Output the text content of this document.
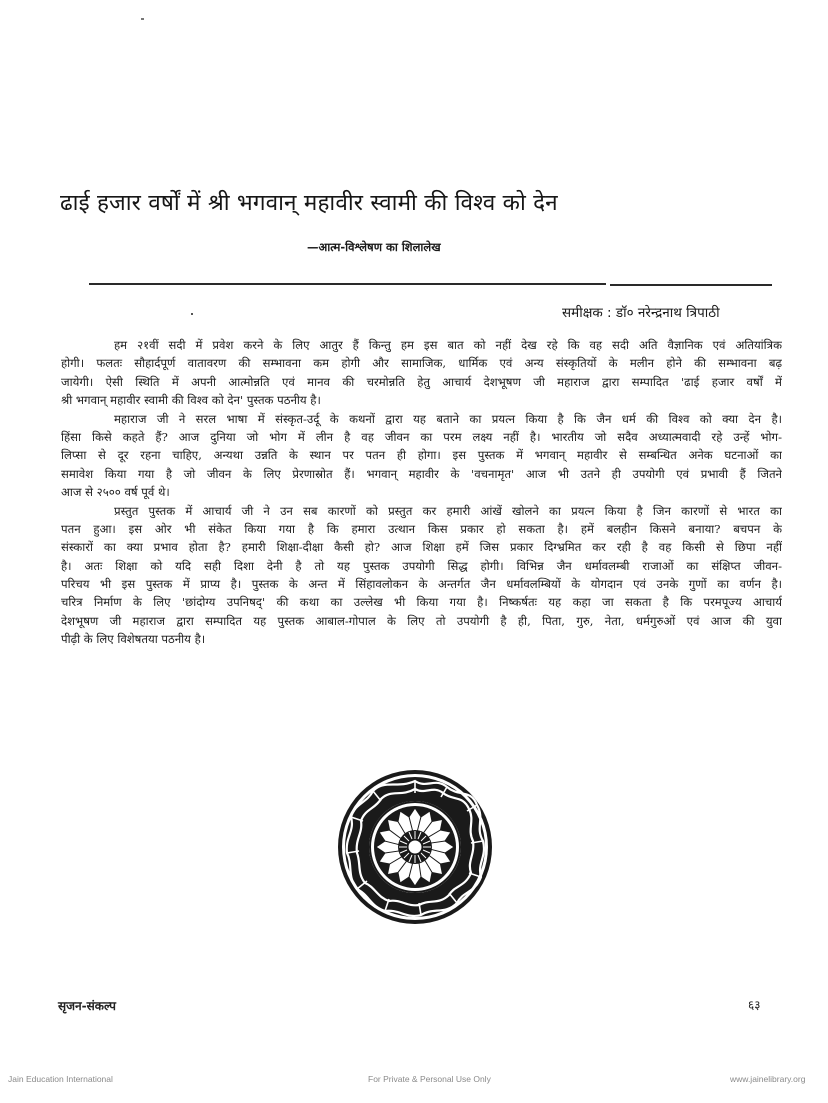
ढाई हजार वर्षों में श्री भगवान् महावीर स्वामी की विश्व को देन
—आत्म-विश्लेषण का शिलालेख
समीक्षक : डॉ० नरेन्द्रनाथ त्रिपाठी
हम २१वीं सदी में प्रवेश करने के लिए आतुर हैं किन्तु हम इस बात को नहीं देख रहे कि वह सदी अति वैज्ञानिक एवं अतियांत्रिक
होगी। फलतः सौहार्दपूर्ण वातावरण की सम्भावना कम होगी और सामाजिक, धार्मिक एवं अन्य संस्कृतियों के मलीन होने की सम्भावना बढ़
जायेगी। ऐसी स्थिति में अपनी आत्मोन्नति एवं मानव की चरमोन्नति हेतु आचार्य देशभूषण जी महाराज द्वारा सम्पादित 'ढाई हजार वर्षों में
श्री भगवान् महावीर स्वामी की विश्व को देन' पुस्तक पठनीय है।
महाराज जी ने सरल भाषा में संस्कृत-उर्दू के कथनों द्वारा यह बताने का प्रयत्न किया है कि जैन धर्म की विश्व को क्या देन है।
हिंसा किसे कहते हैं? आज दुनिया जो भोग में लीन है वह जीवन का परम लक्ष्य नहीं है। भारतीय जो सदैव अध्यात्मवादी रहे उन्हें भोग-
लिप्सा से दूर रहना चाहिए, अन्यथा उन्नति के स्थान पर पतन ही होगा। इस पुस्तक में भगवान् महावीर से सम्बन्धित अनेक घटनाओं का
समावेश किया गया है जो जीवन के लिए प्रेरणास्रोत हैं। भगवान् महावीर के 'वचनामृत' आज भी उतने ही उपयोगी एवं प्रभावी हैं जितने
आज से २५०० वर्ष पूर्व थे।
प्रस्तुत पुस्तक में आचार्य जी ने उन सब कारणों को प्रस्तुत कर हमारी आंखें खोलने का प्रयत्न किया है जिन कारणों से भारत का
पतन हुआ। इस ओर भी संकेत किया गया है कि हमारा उत्थान किस प्रकार हो सकता है। हमें बलहीन किसने बनाया? बचपन के
संस्कारों का क्या प्रभाव होता है? हमारी शिक्षा-दीक्षा कैसी हो? आज शिक्षा हमें जिस प्रकार दिग्भ्रमित कर रही है वह किसी से छिपा नहीं
है। अतः शिक्षा को यदि सही दिशा देनी है तो यह पुस्तक उपयोगी सिद्ध होगी। विभिन्न जैन धर्मावलम्बी राजाओं का संक्षिप्त जीवन-
परिचय भी इस पुस्तक में प्राप्य है। पुस्तक के अन्त में सिंहावलोकन के अन्तर्गत जैन धर्मावलम्बियों के योगदान एवं उनके गुणों का वर्णन है।
चरित्र निर्माण के लिए 'छांदोग्य उपनिषद्' की कथा का उल्लेख भी किया गया है। निष्कर्षतः यह कहा जा सकता है कि परमपूज्य आचार्य
देशभूषण जी महाराज द्वारा सम्पादित यह पुस्तक आबाल-गोपाल के लिए तो उपयोगी है ही, पिता, गुरु, नेता, धर्मगुरुओं एवं आज की युवा
पीढ़ी के लिए विशेषतया पठनीय है।
सृजन-संकल्प	६३
Jain Education International	For Private & Personal Use Only	www.jainelibrary.org
